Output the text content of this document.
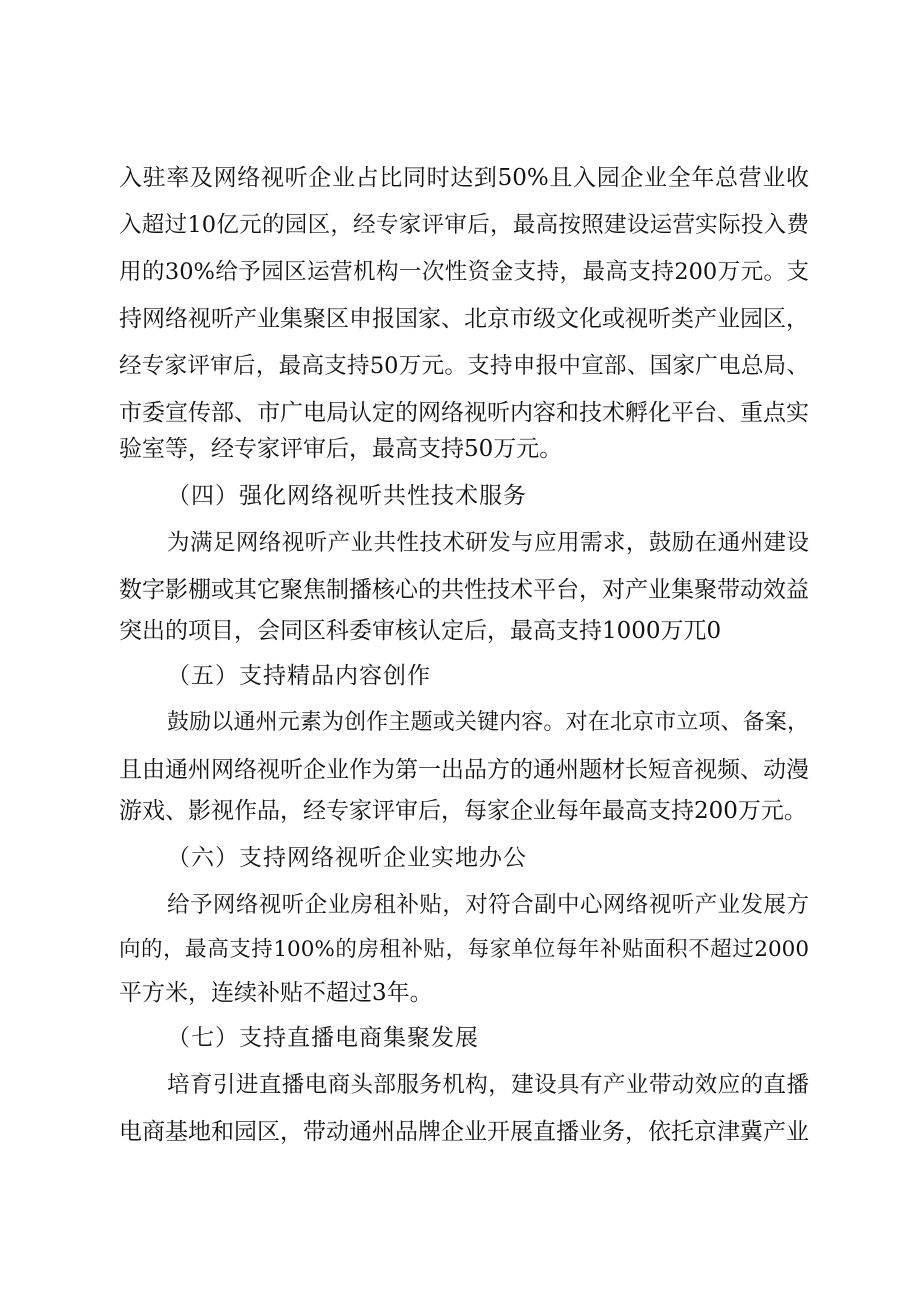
入驻率及网络视听企业占比同时达到50%且入园企业全年总营业收
入超过10亿元的园区，经专家评审后，最高按照建设运营实际投入费
用的30%给予园区运营机构一次性资金支持，最高支持200万元。支
持网络视听产业集聚区申报国家、北京市级文化或视听类产业园区，
经专家评审后，最高支持50万元。支持申报中宣部、国家广电总局、
市委宣传部、市广电局认定的网络视听内容和技术孵化平台、重点实
验室等，经专家评审后，最高支持50万元。
（四）强化网络视听共性技术服务
为满足网络视听产业共性技术研发与应用需求，鼓励在通州建设
数字影棚或其它聚焦制播核心的共性技术平台，对产业集聚带动效益
突出的项目，会同区科委审核认定后，最高支持1000万兀0
（五）支持精品内容创作
鼓励以通州元素为创作主题或关键内容。对在北京市立项、备案，
且由通州网络视听企业作为第一出品方的通州题材长短音视频、动漫
游戏、影视作品，经专家评审后，每家企业每年最高支持200万元。
（六）支持网络视听企业实地办公
给予网络视听企业房租补贴，对符合副中心网络视听产业发展方
向的，最高支持100%的房租补贴，每家单位每年补贴面积不超过2000
平方米，连续补贴不超过3年。
（七）支持直播电商集聚发展
培育引进直播电商头部服务机构，建设具有产业带动效应的直播
电商基地和园区，带动通州品牌企业开展直播业务，依托京津冀产业
